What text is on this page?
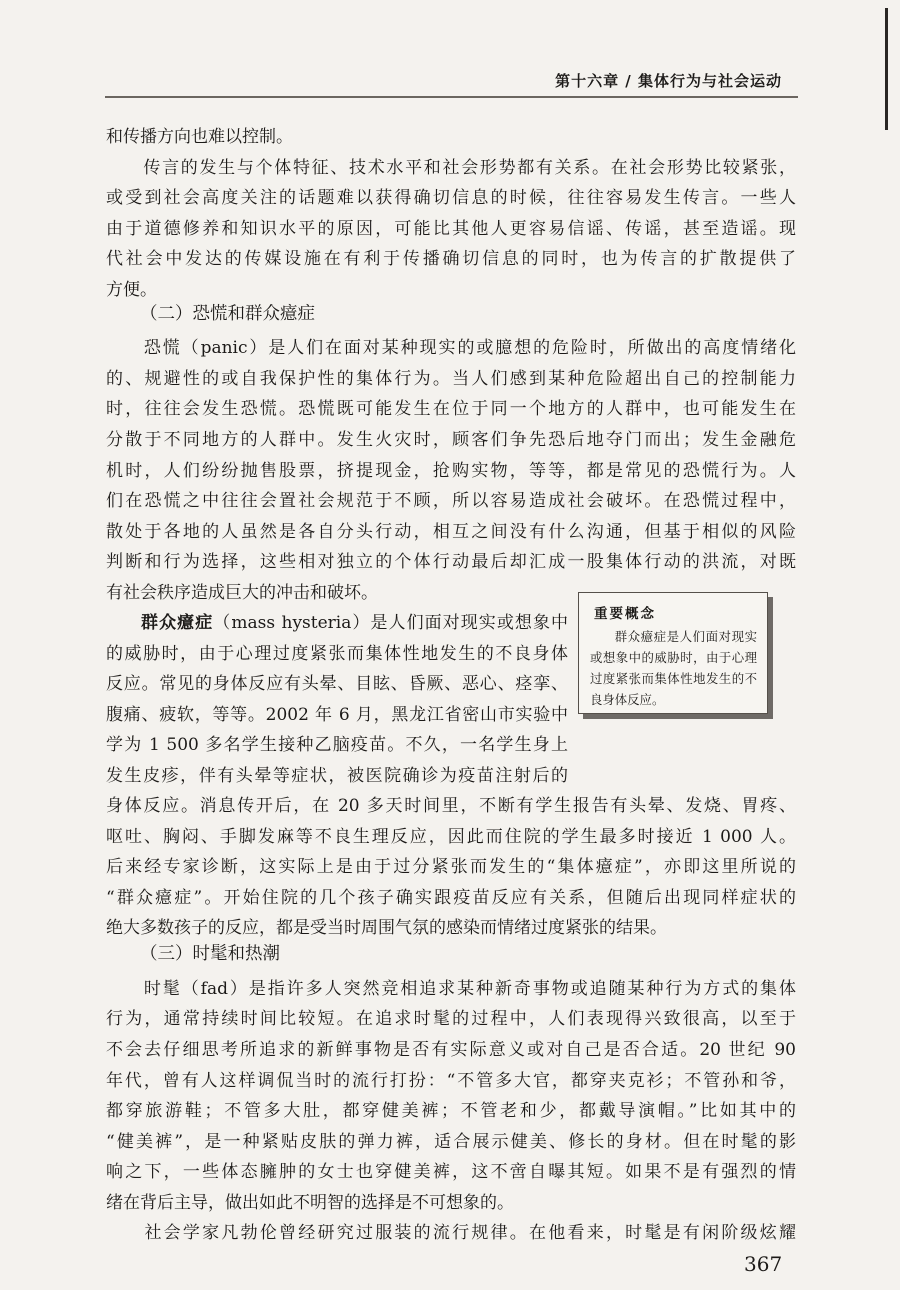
第十六章 / 集体行为与社会运动

和传播方向也难以控制。

　　传言的发生与个体特征、技术水平和社会形势都有关系。在社会形势比较紧张，

或受到社会高度关注的话题难以获得确切信息的时候，往往容易发生传言。一些人

由于道德修养和知识水平的原因，可能比其他人更容易信谣、传谣，甚至造谣。现

代社会中发达的传媒设施在有利于传播确切信息的同时，也为传言的扩散提供了

方便。

（二）恐慌和群众癔症

　　恐慌（panic）是人们在面对某种现实的或臆想的危险时，所做出的高度情绪化

的、规避性的或自我保护性的集体行为。当人们感到某种危险超出自己的控制能力

时，往往会发生恐慌。恐慌既可能发生在位于同一个地方的人群中，也可能发生在

分散于不同地方的人群中。发生火灾时，顾客们争先恐后地夺门而出；发生金融危

机时，人们纷纷抛售股票，挤提现金，抢购实物，等等，都是常见的恐慌行为。人

们在恐慌之中往往会置社会规范于不顾，所以容易造成社会破坏。在恐慌过程中，

散处于各地的人虽然是各自分头行动，相互之间没有什么沟通，但基于相似的风险

判断和行为选择，这些相对独立的个体行动最后却汇成一股集体行动的洪流，对既

有社会秩序造成巨大的冲击和破坏。

群众癔症（mass hysteria）是人们面对现实或想象中

的威胁时，由于心理过度紧张而集体性地发生的不良身体

反应。常见的身体反应有头晕、目眩、昏厥、恶心、痉挛、

腹痛、疲软，等等。2002 年 6 月，黑龙江省密山市实验中

学为 1 500 多名学生接种乙脑疫苗。不久，一名学生身上

发生皮疹，伴有头晕等症状，被医院确诊为疫苗注射后的

身体反应。消息传开后，在 20 多天时间里，不断有学生报告有头晕、发烧、胃疼、

呕吐、胸闷、手脚发麻等不良生理反应，因此而住院的学生最多时接近 1 000 人。

后来经专家诊断，这实际上是由于过分紧张而发生的“集体癔症”，亦即这里所说的

“群众癔症”。开始住院的几个孩子确实跟疫苗反应有关系，但随后出现同样症状的

绝大多数孩子的反应，都是受当时周围气氛的感染而情绪过度紧张的结果。

重要概念

群众癔症是人们面对现实或想象中的威胁时，由于心理过度紧张而集体性地发生的不良身体反应。

（三）时髦和热潮

　　时髦（fad）是指许多人突然竞相追求某种新奇事物或追随某种行为方式的集体

行为，通常持续时间比较短。在追求时髦的过程中，人们表现得兴致很高，以至于

不会去仔细思考所追求的新鲜事物是否有实际意义或对自己是否合适。20 世纪 90

年代，曾有人这样调侃当时的流行打扮：“不管多大官，都穿夹克衫；不管孙和爷，

都穿旅游鞋；不管多大肚，都穿健美裤；不管老和少，都戴导演帽。”比如其中的

“健美裤”，是一种紧贴皮肤的弹力裤，适合展示健美、修长的身材。但在时髦的影

响之下，一些体态臃肿的女士也穿健美裤，这不啻自曝其短。如果不是有强烈的情

绪在背后主导，做出如此不明智的选择是不可想象的。

　　社会学家凡勃伦曾经研究过服装的流行规律。在他看来，时髦是有闲阶级炫耀

367
